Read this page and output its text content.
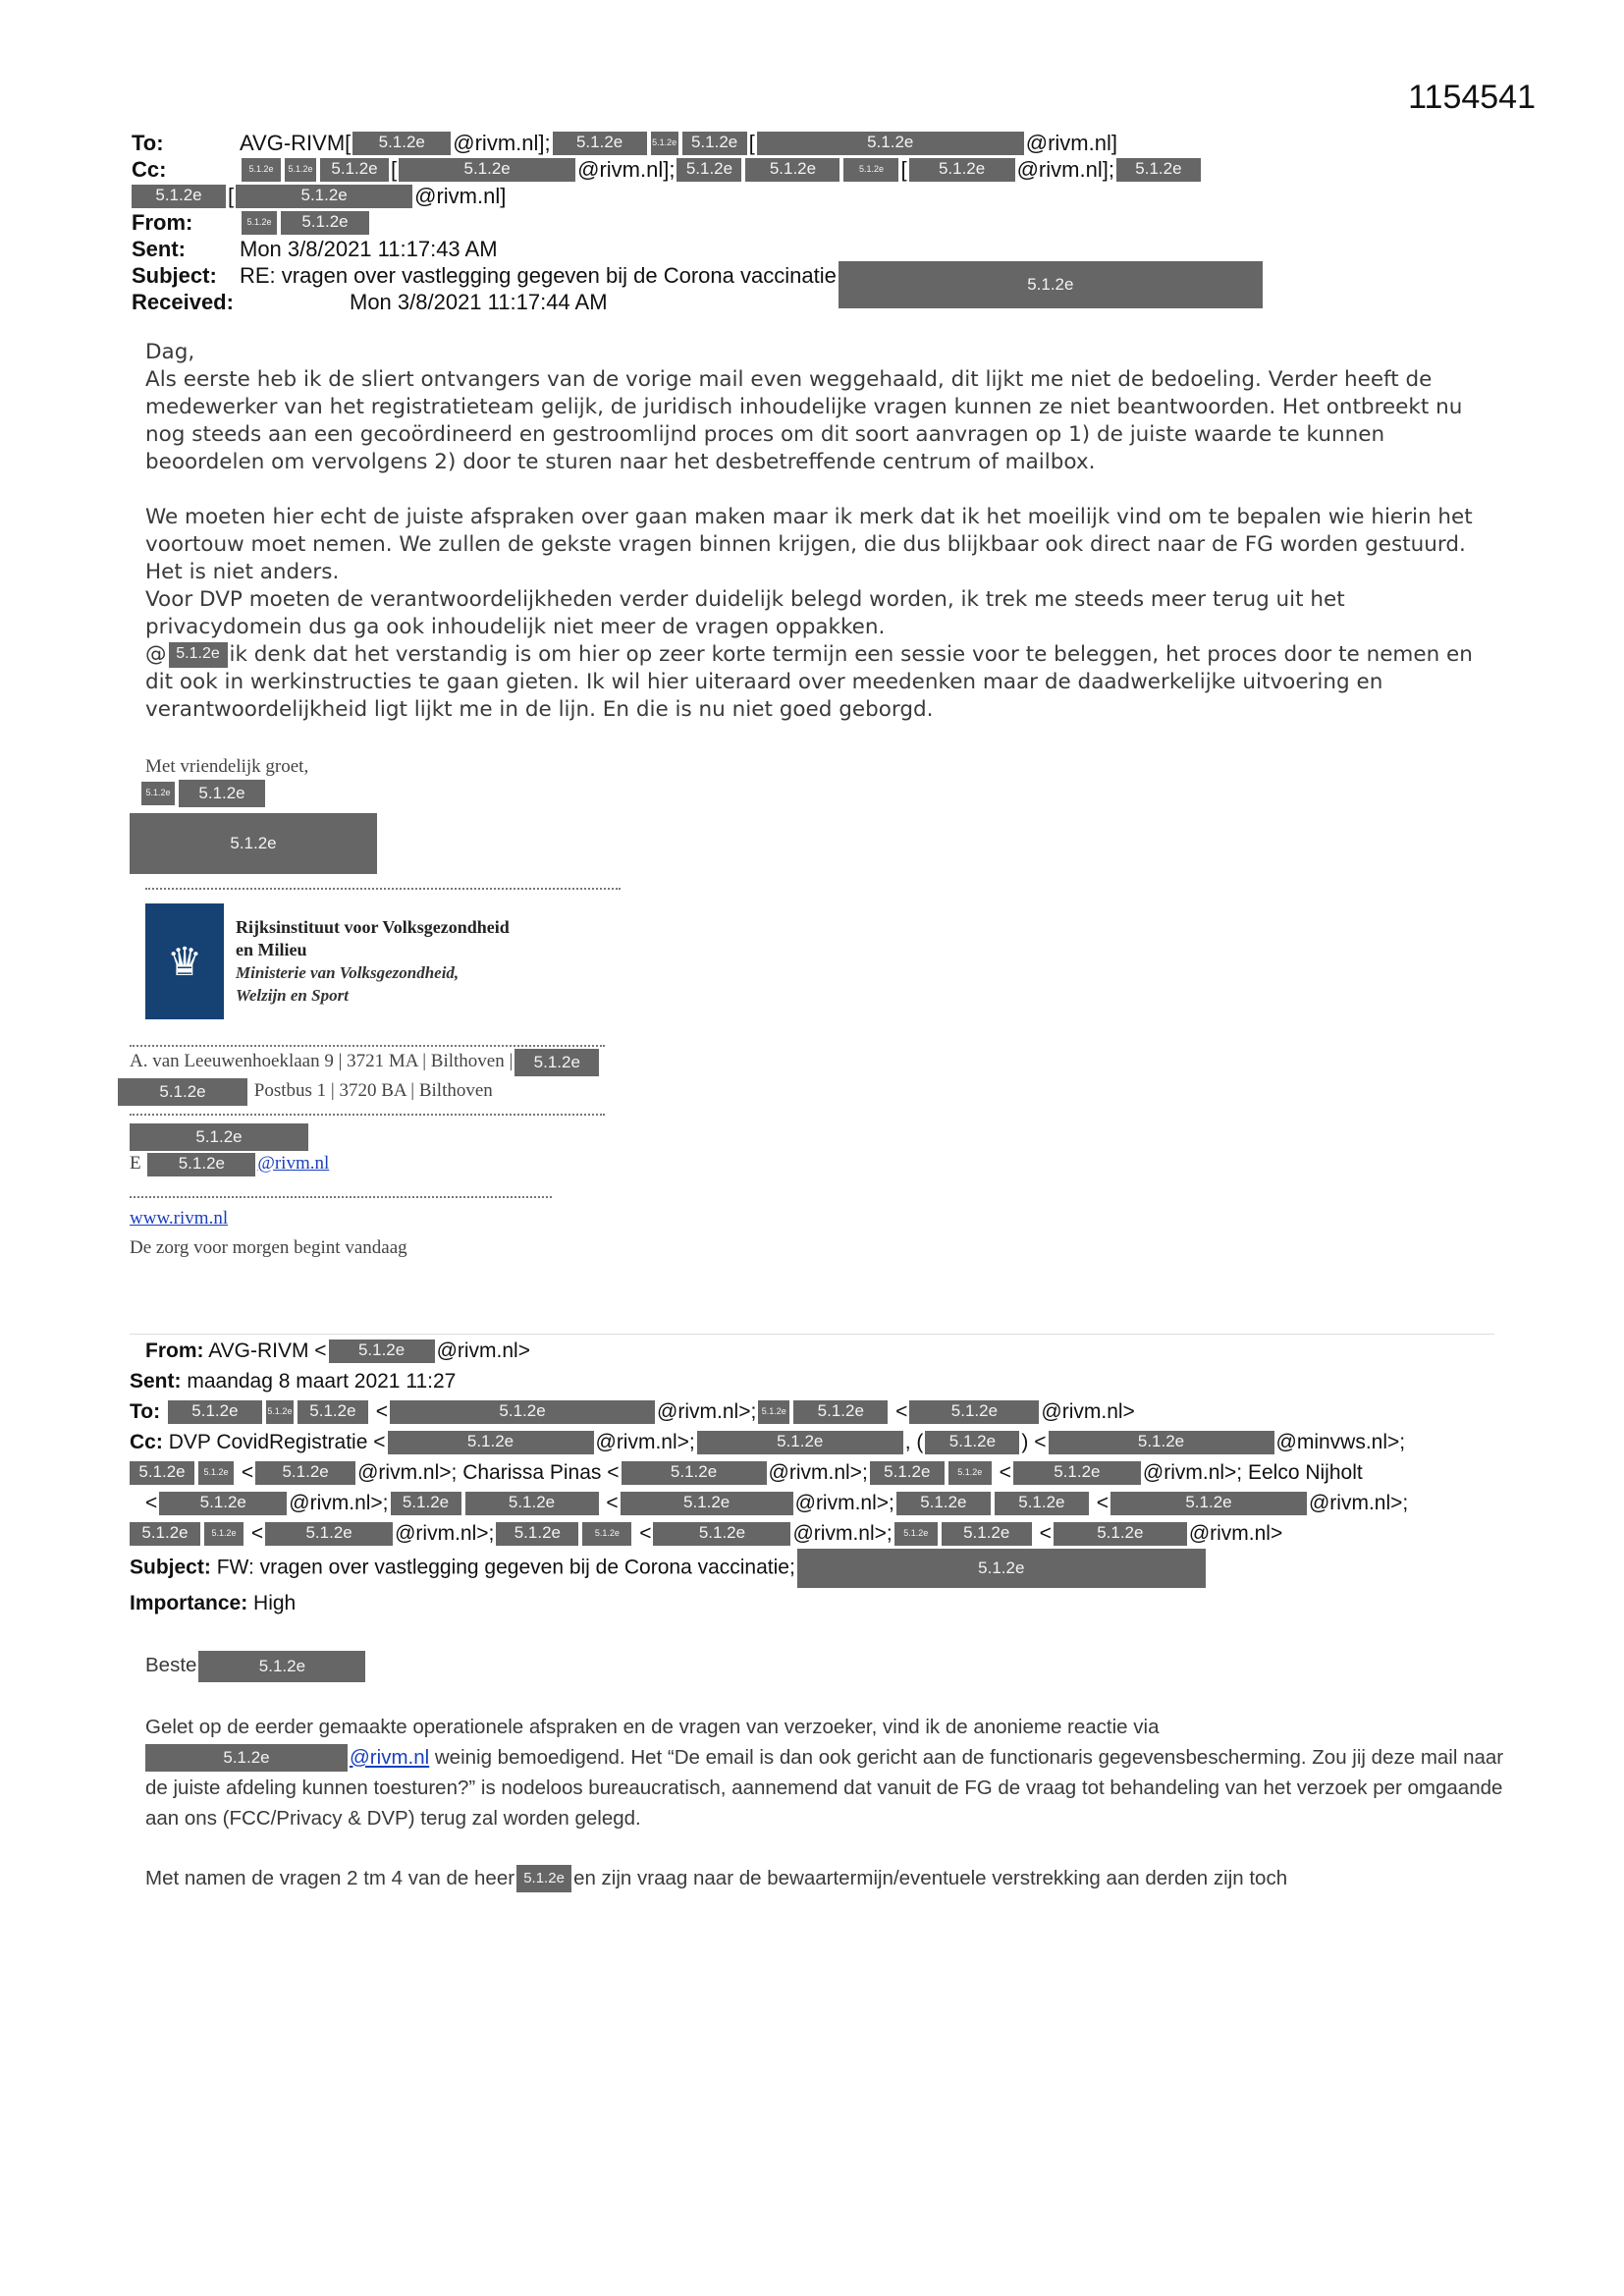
1154541
To:	AVG-RIVM[	5.1.2e	@rivm.nl];	5.1.2e	5.1.2e 5.1.2e [	5.1.2e	@rivm.nl]
Cc:	5.1.2e	5.1.2e	5.1.2e [	5.1.2e	@rivm.nl]; 5.1.2e	5.1.2e	5.1.2e [	5.1.2e	@rivm.nl];	5.1.2e
5.1.2e	[	5.1.2e	@rivm.nl]
From:	5.1.2e	5.1.2e
Sent:	Mon 3/8/2021 11:17:43 AM
Subject:	RE: vragen over vastlegging gegeven bij de Corona vaccinatie	5.1.2e
Received:	Mon 3/8/2021 11:17:44 AM

Dag,
Als eerste heb ik de sliert ontvangers van de vorige mail even weggehaald, dit lijkt me niet de bedoeling. Verder heeft de medewerker van het registratieteam gelijk, de juridisch inhoudelijke vragen kunnen ze niet beantwoorden. Het ontbreekt nu nog steeds aan een gecoördineerd en gestroomlijnd proces om dit soort aanvragen op 1) de juiste waarde te kunnen beoordelen om vervolgens 2) door te sturen naar het desbetreffende centrum of mailbox.

We moeten hier echt de juiste afspraken over gaan maken maar ik merk dat ik het moeilijk vind om te bepalen wie hierin het voortouw moet nemen. We zullen de gekste vragen binnen krijgen, die dus blijkbaar ook direct naar de FG worden gestuurd. Het is niet anders.
Voor DVP moeten de verantwoordelijkheden verder duidelijk belegd worden, ik trek me steeds meer terug uit het privacydomein dus ga ook inhoudelijk niet meer de vragen oppakken.
@ 5.1.2e ik denk dat het verstandig is om hier op zeer korte termijn een sessie voor te beleggen, het proces door te nemen en dit ook in werkinstructies te gaan gieten. Ik wil hier uiteraard over meedenken maar de daadwerkelijke uitvoering en verantwoordelijkheid ligt lijkt me in de lijn. En die is nu niet goed geborgd.
Met vriendelijk groet,
5.1.2e 5.1.2e
5.1.2e
♛
Rijksinstituut voor Volksgezondheid
en Milieu
Ministerie van Volksgezondheid,
Welzijn en Sport
A. van Leeuwenhoeklaan 9 | 3721 MA | Bilthoven | 5.1.2e
5.1.2e	Postbus 1 | 3720 BA | Bilthoven
5.1.2e
E 5.1.2e @rivm.nl
www.rivm.nl
De zorg voor morgen begint vandaag
From: AVG-RIVM < 5.1.2e @rivm.nl>
Sent: maandag 8 maart 2021 11:27
To: 5.1.2e	5.1.2e 5.1.2e <	5.1.2e	@rivm.nl>; 5.1.2e 5.1.2e <	5.1.2e @rivm.nl>
Cc: DVP CovidRegistratie <	5.1.2e	@rivm.nl>;	5.1.2e	, ( 5.1.2e ) <	5.1.2e	@minvws.nl>;
5.1.2e 5.1.2e < 5.1.2e @rivm.nl>; Charissa Pinas <	5.1.2e @rivm.nl>; 5.1.2e	5.1.2e <	5.1.2e @rivm.nl>; Eelco Nijholt
<	5.1.2e @rivm.nl>; 5.1.2e	5.1.2e <	5.1.2e	@rivm.nl>; 5.1.2e	5.1.2e <	5.1.2e	@rivm.nl>;
5.1.2e	5.1.2e <	5.1.2e @rivm.nl>; 5.1.2e	5.1.2e <	5.1.2e @rivm.nl>; 5.1.2e 5.1.2e <	5.1.2e @rivm.nl>
Subject: FW: vragen over vastlegging gegeven bij de Corona vaccinatie;	5.1.2e
Importance: High

Beste	5.1.2e

Gelet op de eerder gemaakte operationele afspraken en de vragen van verzoeker, vind ik de anonieme reactie via
5.1.2e	@rivm.nl weinig bemoedigend. Het “De email is dan ook gericht aan de functionaris gegevensbescherming. Zou jij deze mail naar de juiste afdeling kunnen toesturen?” is nodeloos bureaucratisch, aannemend dat vanuit de FG de vraag tot behandeling van het verzoek per omgaande aan ons (FCC/Privacy & DVP) terug zal worden gelegd.

Met namen de vragen 2 tm 4 van de heer 5.1.2e en zijn vraag naar de bewaartermijn/eventuele verstrekking aan derden zijn toch
